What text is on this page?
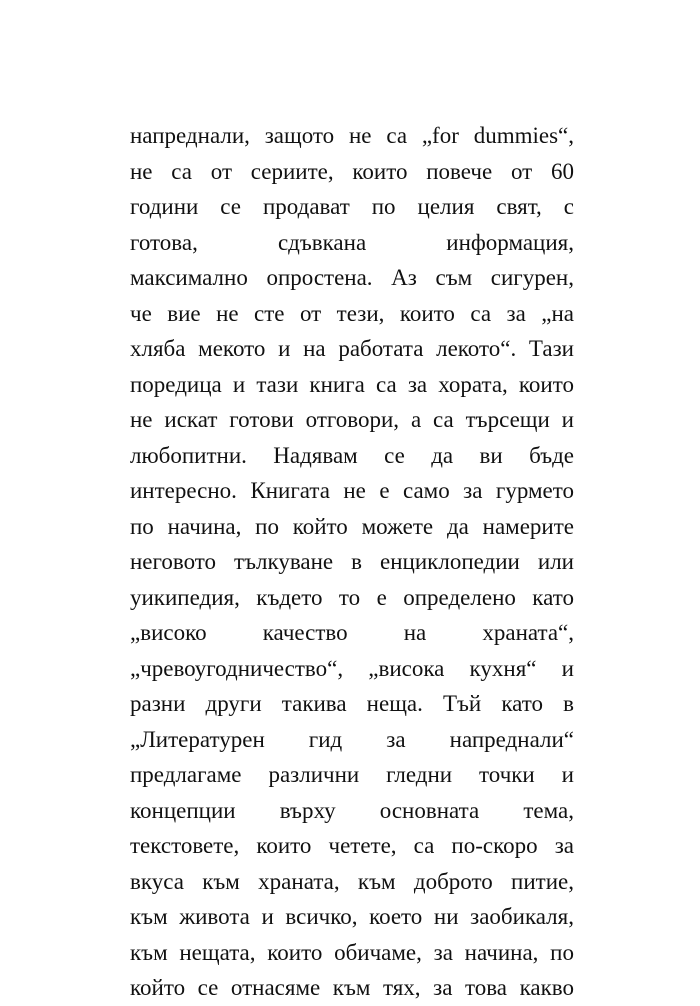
напреднали, защото не са „for dummies“,
не са от сериите, които повече от 60
години се продават по целия свят, с
готова, сдъвкана информация,
максимално опростена. Аз съм сигурен,
че вие не сте от тези, които са за „на
хляба мекото и на работата лекото“. Тази
поредица и тази книга са за хората, които
не искат готови отговори, а са търсещи и
любопитни. Надявам се да ви бъде
интересно. Книгата не е само за гурмето
по начина, по който можете да намерите
неговото тълкуване в енциклопедии или
уикипедия, където то е определено като
„високо качество на храната“,
„чревоугодничество“, „висока кухня“ и
разни други такива неща. Тъй като в
„Литературен гид за напреднали“
предлагаме различни гледни точки и
концепции върху основната тема,
текстовете, които четете, са по-скоро за
вкуса към храната, към доброто питие,
към живота и всичко, което ни заобикаля,
към нещата, които обичаме, за начина, по
който се отнасяме към тях, за това какво
